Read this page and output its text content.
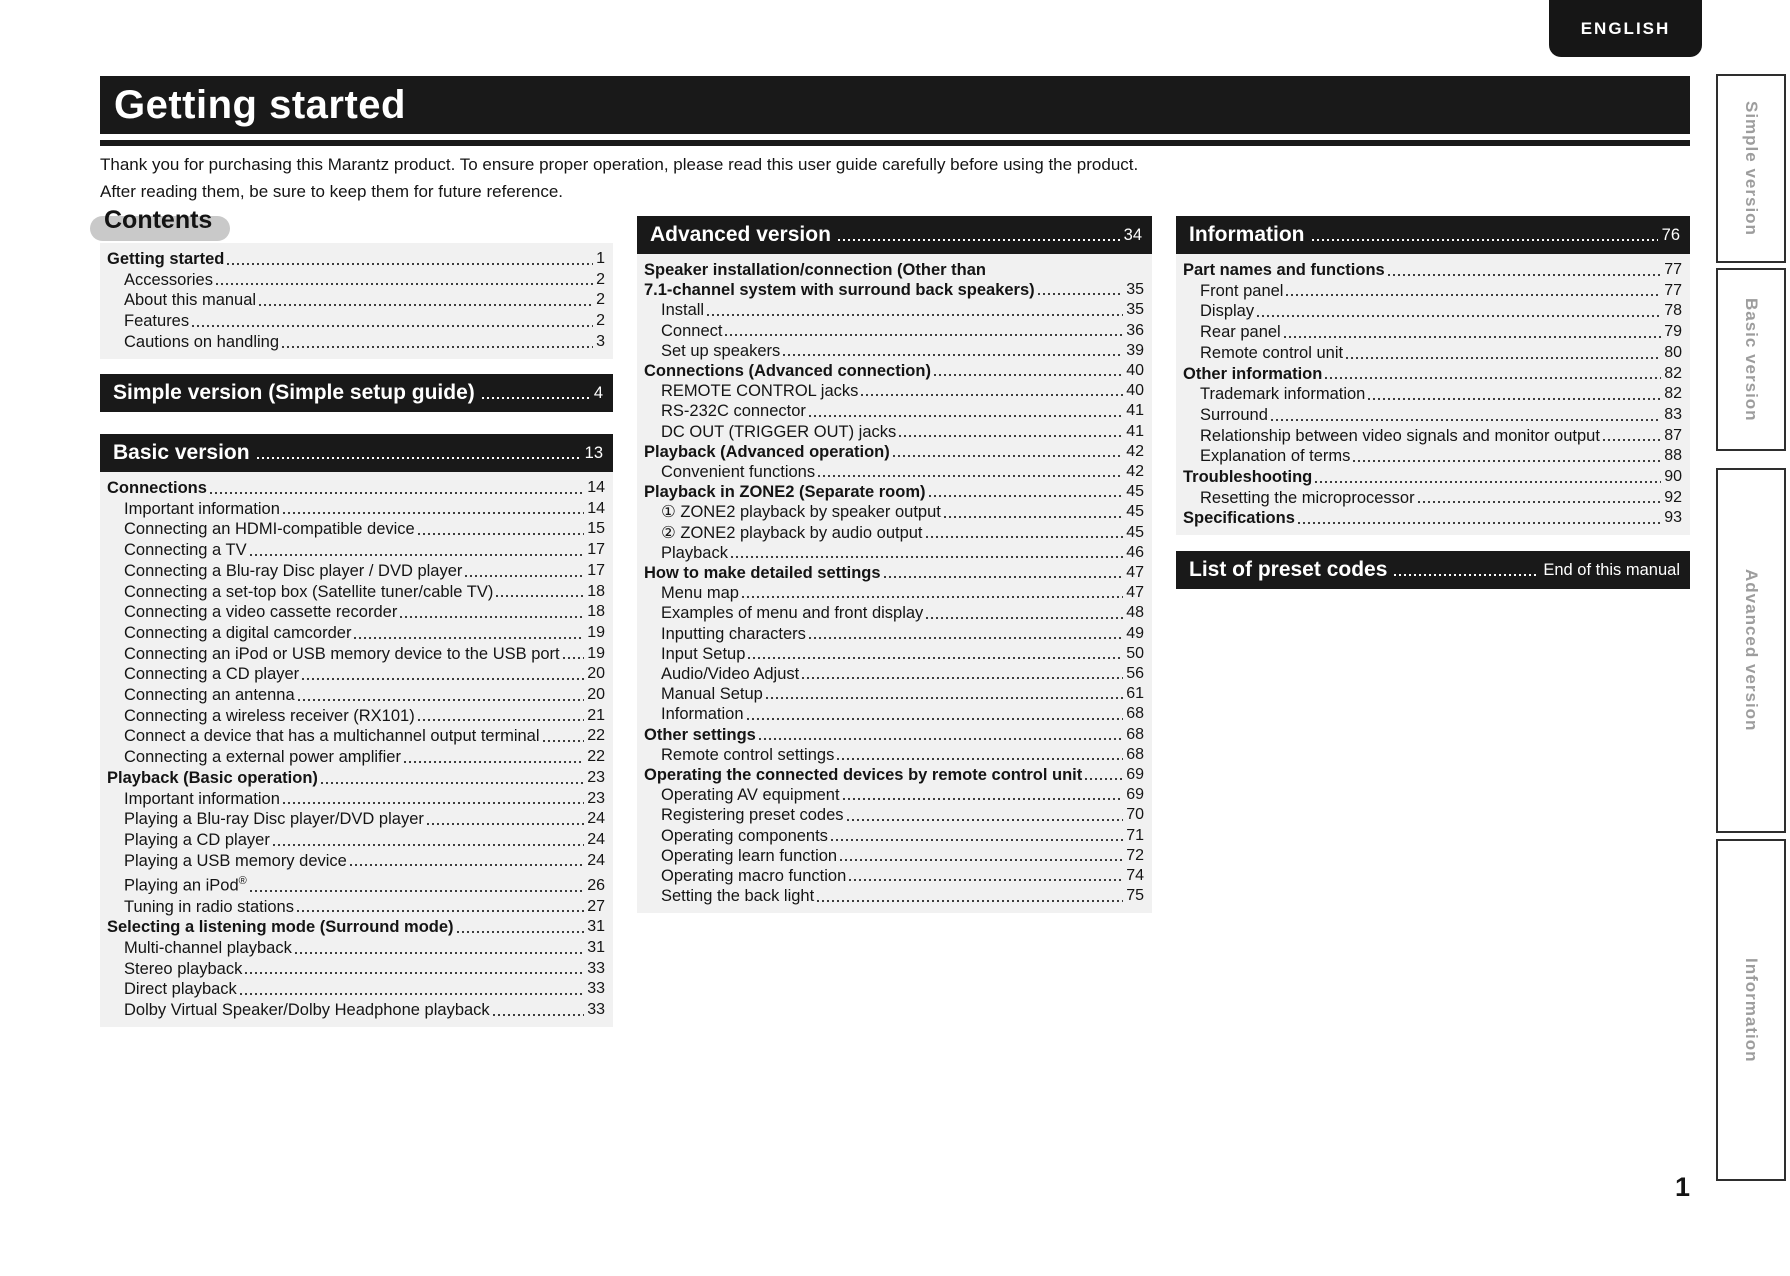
ENGLISH
Getting started
Thank you for purchasing this Marantz product. To ensure proper operation, please read this user guide carefully before using the product.
After reading them, be sure to keep them for future reference.
Contents
Getting started	1
Accessories	2
About this manual	2
Features	2
Cautions on handling	3
Simple version (Simple setup guide)	4
Basic version	13
Connections	14
Important information	14
Connecting an HDMI-compatible device	15
Connecting a TV	17
Connecting a Blu-ray Disc player / DVD player	17
Connecting a set-top box (Satellite tuner/cable TV)	18
Connecting a video cassette recorder	18
Connecting a digital camcorder	19
Connecting an iPod or USB memory device to the USB port 19
Connecting a CD player	20
Connecting an antenna	20
Connecting a wireless receiver (RX101)	21
Connect a device that has a multichannel output terminal	22
Connecting a external power amplifier	22
Playback (Basic operation)	23
Important information	23
Playing a Blu-ray Disc player/DVD player	24
Playing a CD player	24
Playing a USB memory device	24
Playing an iPod®	26
Tuning in radio stations	27
Selecting a listening mode (Surround mode)	31
Multi-channel playback	31
Stereo playback	33
Direct playback	33
Dolby Virtual Speaker/Dolby Headphone playback	33
Advanced version	34
Speaker installation/connection (Other than
7.1-channel system with surround back speakers)	35
Install	35
Connect	36
Set up speakers	39
Connections (Advanced connection)	40
REMOTE CONTROL jacks	40
RS-232C connector	41
DC OUT (TRIGGER OUT) jacks	41
Playback (Advanced operation)	42
Convenient functions	42
Playback in ZONE2 (Separate room)	45
① ZONE2 playback by speaker output	45
② ZONE2 playback by audio output	45
Playback	46
How to make detailed settings	47
Menu map	47
Examples of menu and front display	48
Inputting characters	49
Input Setup	50
Audio/Video Adjust	56
Manual Setup	61
Information	68
Other settings	68
Remote control settings	68
Operating the connected devices by remote control unit	69
Operating AV equipment	69
Registering preset codes	70
Operating components	71
Operating learn function	72
Operating macro function	74
Setting the back light	75
Information	76
Part names and functions	77
Front panel	77
Display	78
Rear panel	79
Remote control unit	80
Other information	82
Trademark information	82
Surround	83
Relationship between video signals and monitor output	87
Explanation of terms	88
Troubleshooting	90
Resetting the microprocessor	92
Specifications	93
List of preset codes	End of this manual
Simple version
Basic version
Advanced version
Information
1
